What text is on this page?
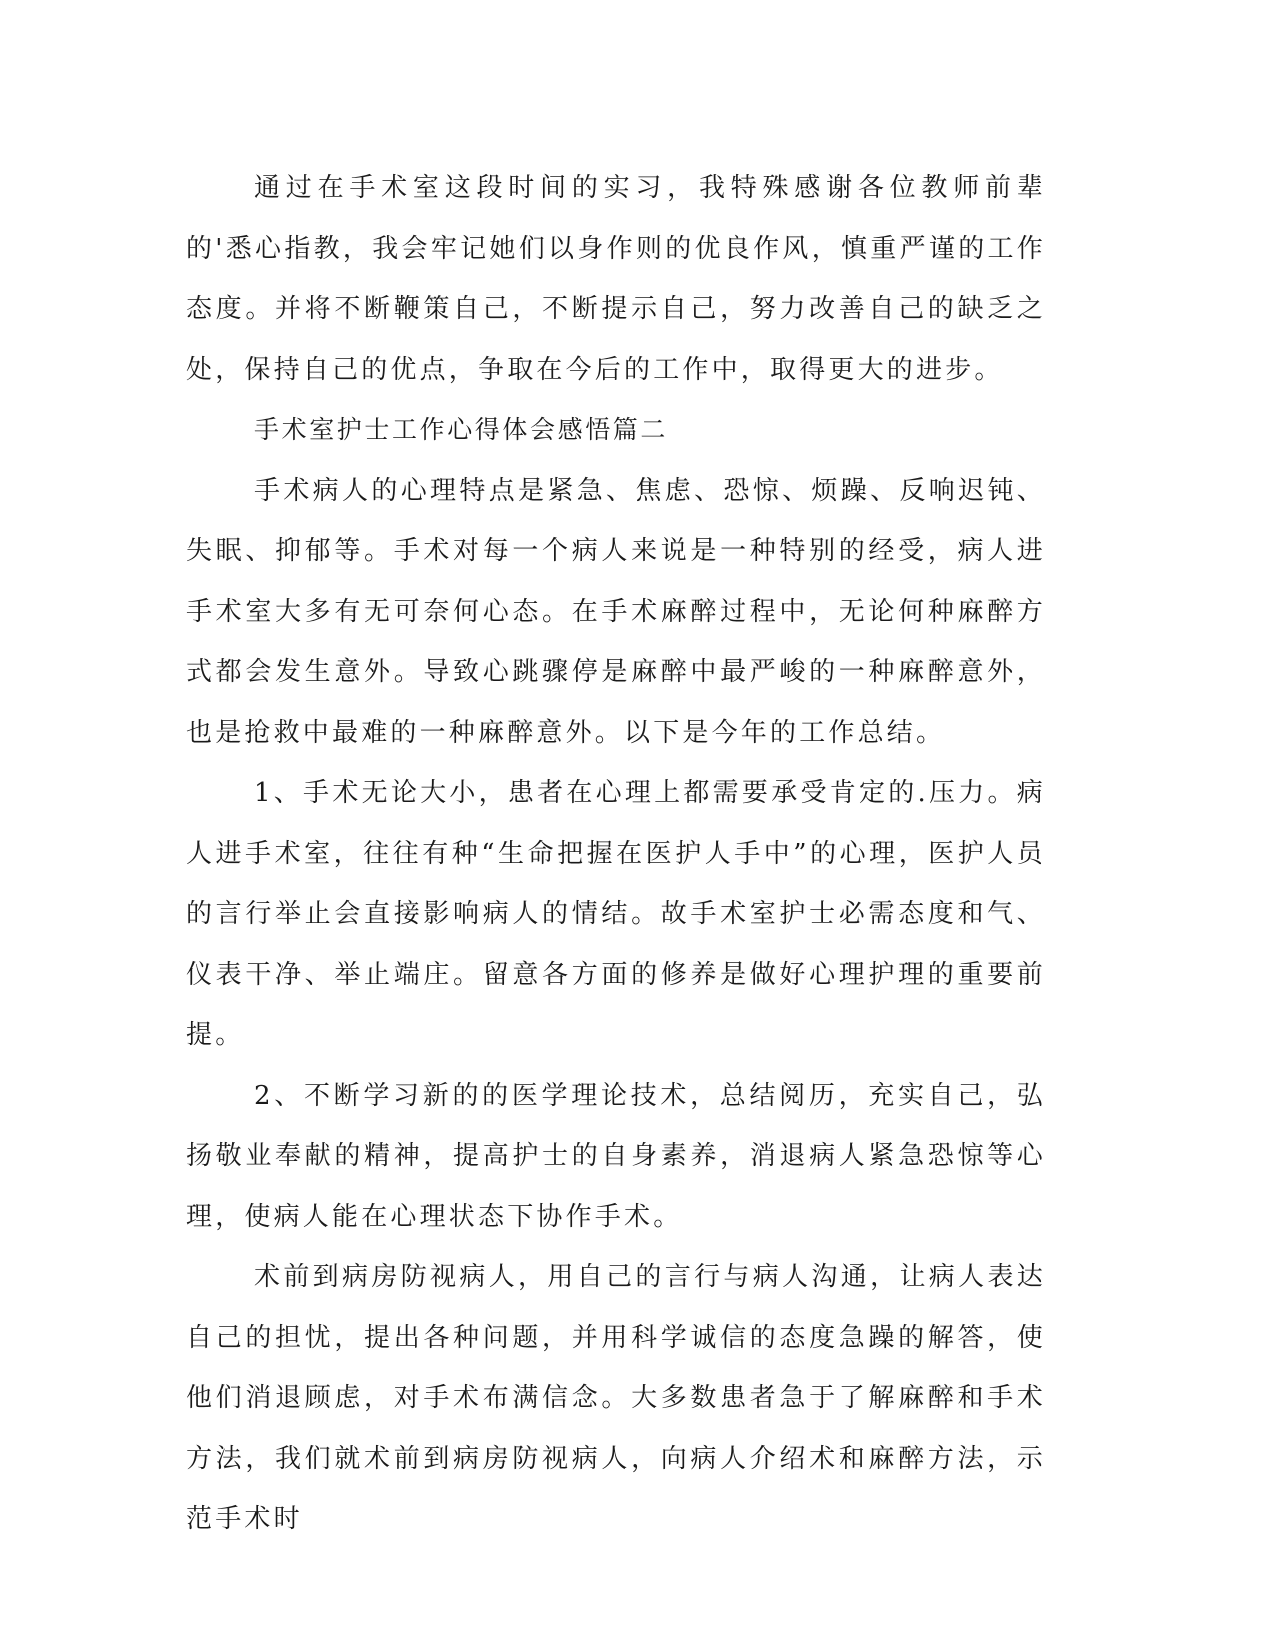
通过在手术室这段时间的实习，我特殊感谢各位教师前辈的'悉心指教，我会牢记她们以身作则的优良作风，慎重严谨的工作态度。并将不断鞭策自己，不断提示自己，努力改善自己的缺乏之处，保持自己的优点，争取在今后的工作中，取得更大的进步。

手术室护士工作心得体会感悟篇二

手术病人的心理特点是紧急、焦虑、恐惊、烦躁、反响迟钝、失眠、抑郁等。手术对每一个病人来说是一种特别的经受，病人进手术室大多有无可奈何心态。在手术麻醉过程中，无论何种麻醉方式都会发生意外。导致心跳骤停是麻醉中最严峻的一种麻醉意外，也是抢救中最难的一种麻醉意外。以下是今年的工作总结。

1、手术无论大小，患者在心理上都需要承受肯定的.压力。病人进手术室，往往有种“生命把握在医护人手中”的心理，医护人员的言行举止会直接影响病人的情结。故手术室护士必需态度和气、仪表干净、举止端庄。留意各方面的修养是做好心理护理的重要前提。

2、不断学习新的的医学理论技术，总结阅历，充实自己，弘扬敬业奉献的精神，提高护士的自身素养，消退病人紧急恐惊等心理，使病人能在心理状态下协作手术。

术前到病房防视病人，用自己的言行与病人沟通，让病人表达自己的担忧，提出各种问题，并用科学诚信的态度急躁的解答，使他们消退顾虑，对手术布满信念。大多数患者急于了解麻醉和手术方法，我们就术前到病房防视病人，向病人介绍术和麻醉方法，示范手术时
